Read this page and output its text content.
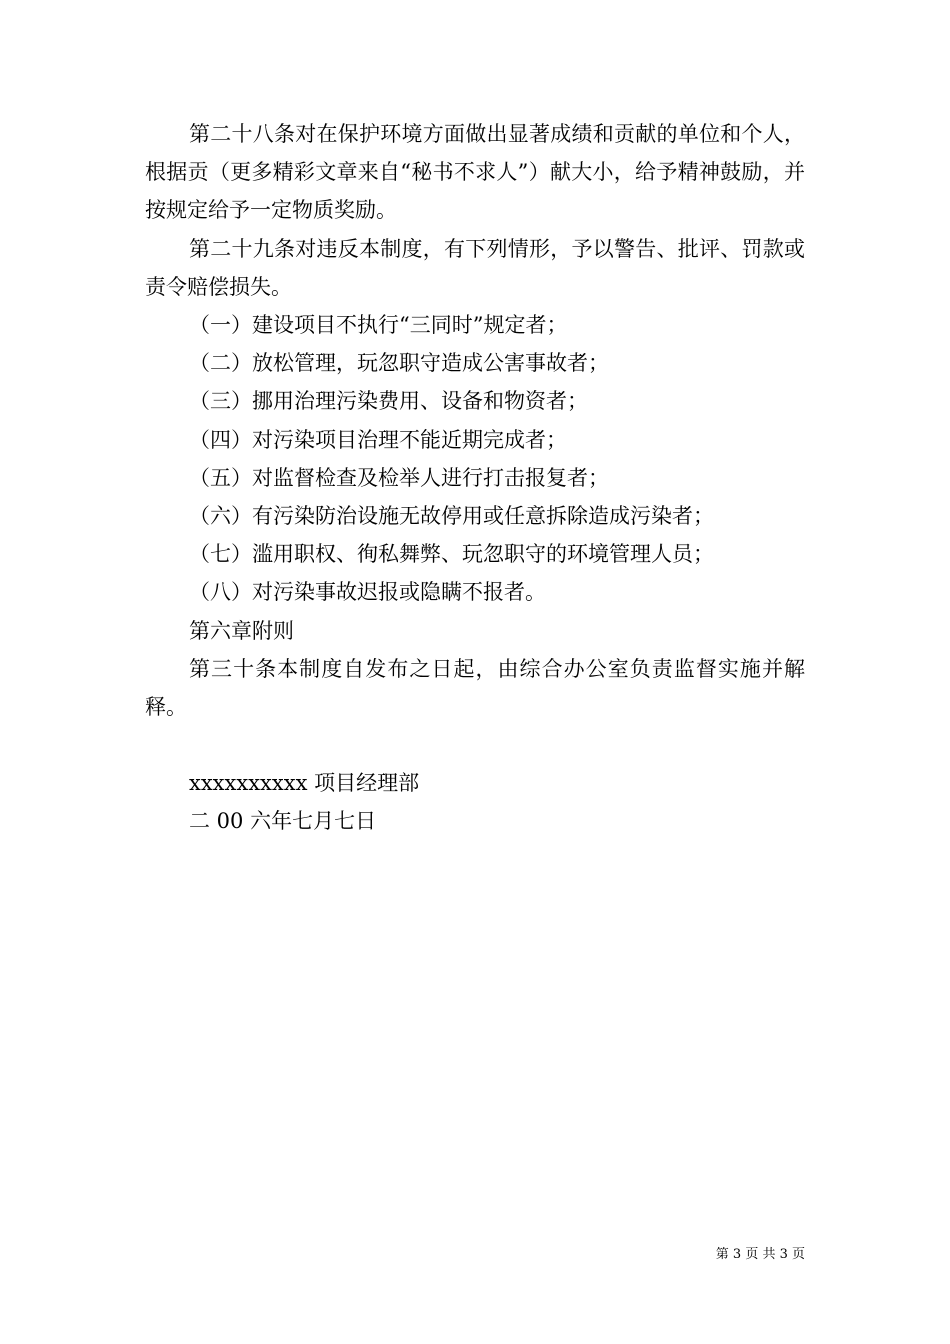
第二十八条对在保护环境方面做出显著成绩和贡献的单位和个人，根据贡（更多精彩文章来自“秘书不求人”）献大小，给予精神鼓励，并按规定给予一定物质奖励。

第二十九条对违反本制度，有下列情形，予以警告、批评、罚款或责令赔偿损失。

（一）建设项目不执行“三同时”规定者；

（二）放松管理，玩忽职守造成公害事故者；

（三）挪用治理污染费用、设备和物资者；

（四）对污染项目治理不能近期完成者；

（五）对监督检查及检举人进行打击报复者；

（六）有污染防治设施无故停用或任意拆除造成污染者；

（七）滥用职权、徇私舞弊、玩忽职守的环境管理人员；

（八）对污染事故迟报或隐瞒不报者。

第六章附则

第三十条本制度自发布之日起，由综合办公室负责监督实施并解释。

xxxxxxxxxx 项目经理部
二 00 六年七月七日
第 3 页 共 3 页
